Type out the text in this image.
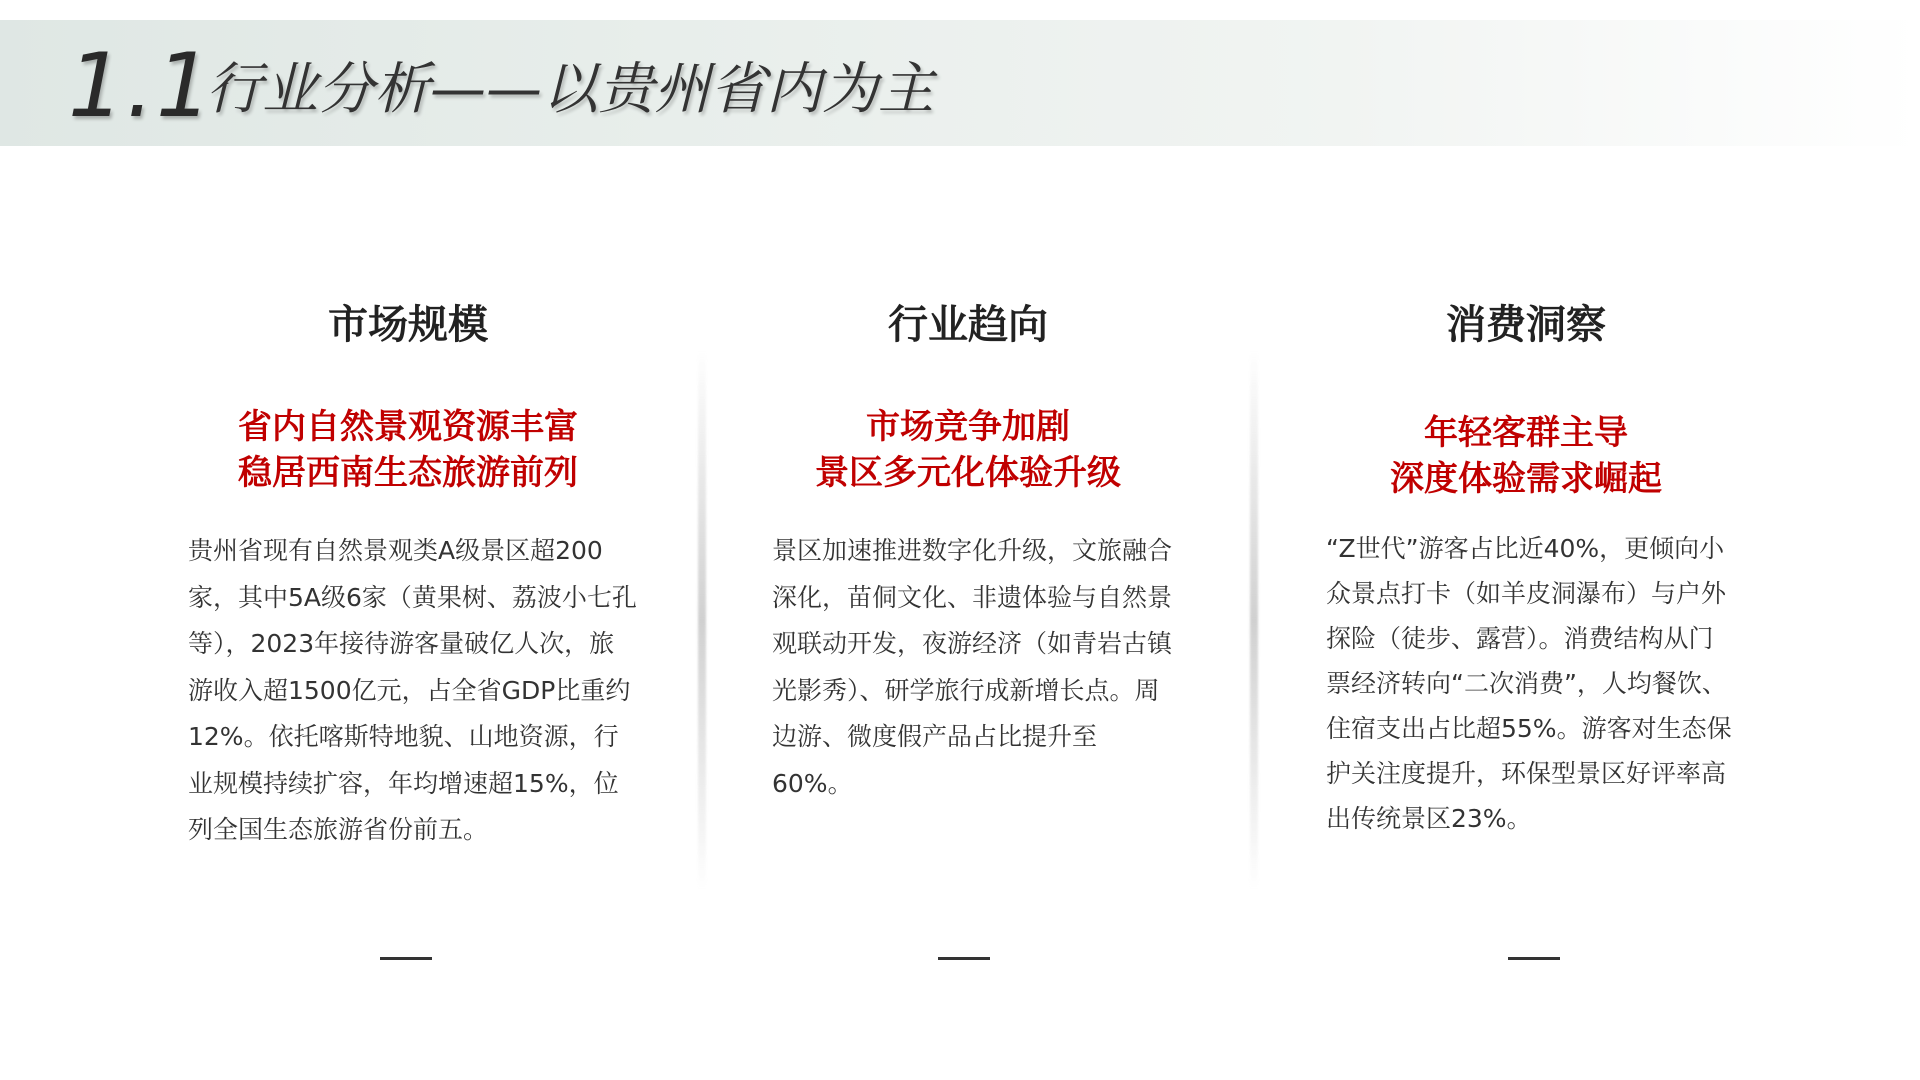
1.1
行业分析——以贵州省内为主
市场规模
省内自然景观资源丰富
稳居西南生态旅游前列
贵州省现有自然景观类A级景区超200家，其中5A级6家（黄果树、荔波小七孔等），2023年接待游客量破亿人次，旅游收入超1500亿元，占全省GDP比重约12%。依托喀斯特地貌、山地资源，行业规模持续扩容，年均增速超15%，位列全国生态旅游省份前五。
行业趋向
市场竞争加剧
景区多元化体验升级
景区加速推进数字化升级，文旅融合深化，苗侗文化、非遗体验与自然景观联动开发，夜游经济（如青岩古镇光影秀）、研学旅行成新增长点。周边游、微度假产品占比提升至60%。
消费洞察
年轻客群主导
深度体验需求崛起
“Z世代”游客占比近40%，更倾向小众景点打卡（如羊皮洞瀑布）与户外探险（徒步、露营）。消费结构从门票经济转向“二次消费”，人均餐饮、住宿支出占比超55%。游客对生态保护关注度提升，环保型景区好评率高出传统景区23%。
